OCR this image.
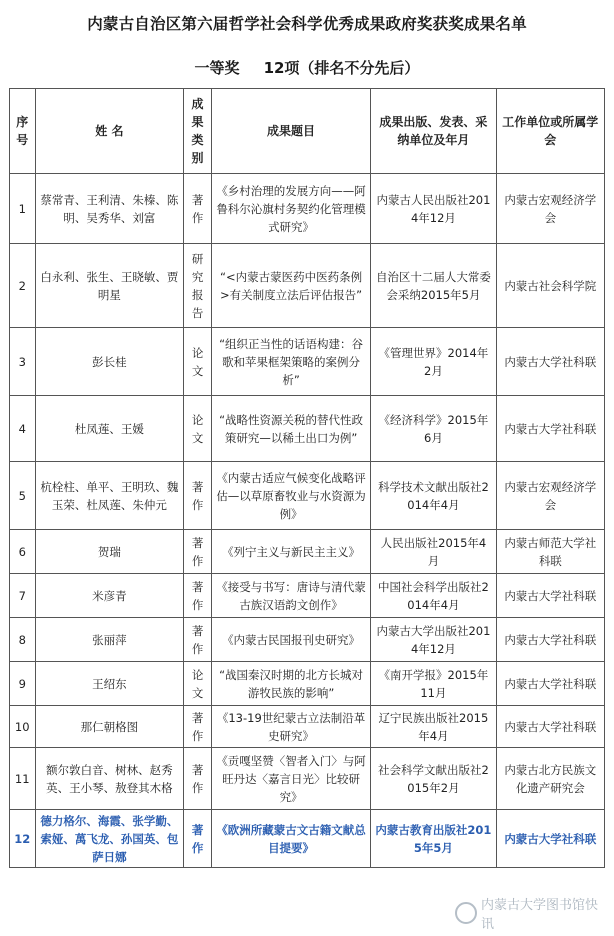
内蒙古自治区第六届哲学社会科学优秀成果政府奖获奖成果名单
一等奖 12项（排名不分先后）
序号	姓 名	成果类别	成果题目	成果出版、发表、采纳单位及年月	工作单位或所属学会
1	蔡常青、王利清、朱榛、陈明、吴秀华、刘富	著作	《乡村治理的发展方向——阿鲁科尔沁旗村务契约化管理模式研究》	内蒙古人民出版社2014年12月	内蒙古宏观经济学会
2	白永利、张生、王晓敏、贾明星	研究报告	“<内蒙古蒙医药中医药条例>有关制度立法后评估报告”	自治区十二届人大常委会采纳2015年5月	内蒙古社会科学院
3	彭长桂	论文	“组织正当性的话语构建：谷歌和苹果框架策略的案例分析”	《管理世界》2014年2月	内蒙古大学社科联
4	杜凤莲、王媛	论文	“战略性资源关税的替代性政策研究—以稀土出口为例”	《经济科学》2015年6月	内蒙古大学社科联
5	杭栓柱、单平、王明玖、魏玉荣、杜凤莲、朱仲元	著作	《内蒙古适应气候变化战略评估—以草原畜牧业与水资源为例》	科学技术文献出版社2014年4月	内蒙古宏观经济学会
6	贺瑞	著作	《列宁主义与新民主主义》	人民出版社2015年4月	内蒙古师范大学社科联
7	米彦青	著作	《接受与书写：唐诗与清代蒙古族汉语韵文创作》	中国社会科学出版社2014年4月	内蒙古大学社科联
8	张丽萍	著作	《内蒙古民国报刊史研究》	内蒙古大学出版社2014年12月	内蒙古大学社科联
9	王绍东	论文	“战国秦汉时期的北方长城对游牧民族的影响”	《南开学报》2015年11月	内蒙古大学社科联
10	那仁朝格图	著作	《13-19世纪蒙古立法制沿革史研究》	辽宁民族出版社2015年4月	内蒙古大学社科联
11	额尔敦白音、树林、赵秀英、王小琴、敖登其木格	著作	《贡嘎坚赞〈智者入门〉与阿旺丹达〈嘉言日光〉比较研究》	社会科学文献出版社2015年2月	内蒙古北方民族文化遗产研究会
12	德力格尔、海霞、张学勤、索娅、萬飞龙、孙国英、包萨日娜	著作	《欧洲所藏蒙古文古籍文献总目提要》	内蒙古教育出版社2015年5月	内蒙古大学社科联
内蒙古大学图书馆快讯
